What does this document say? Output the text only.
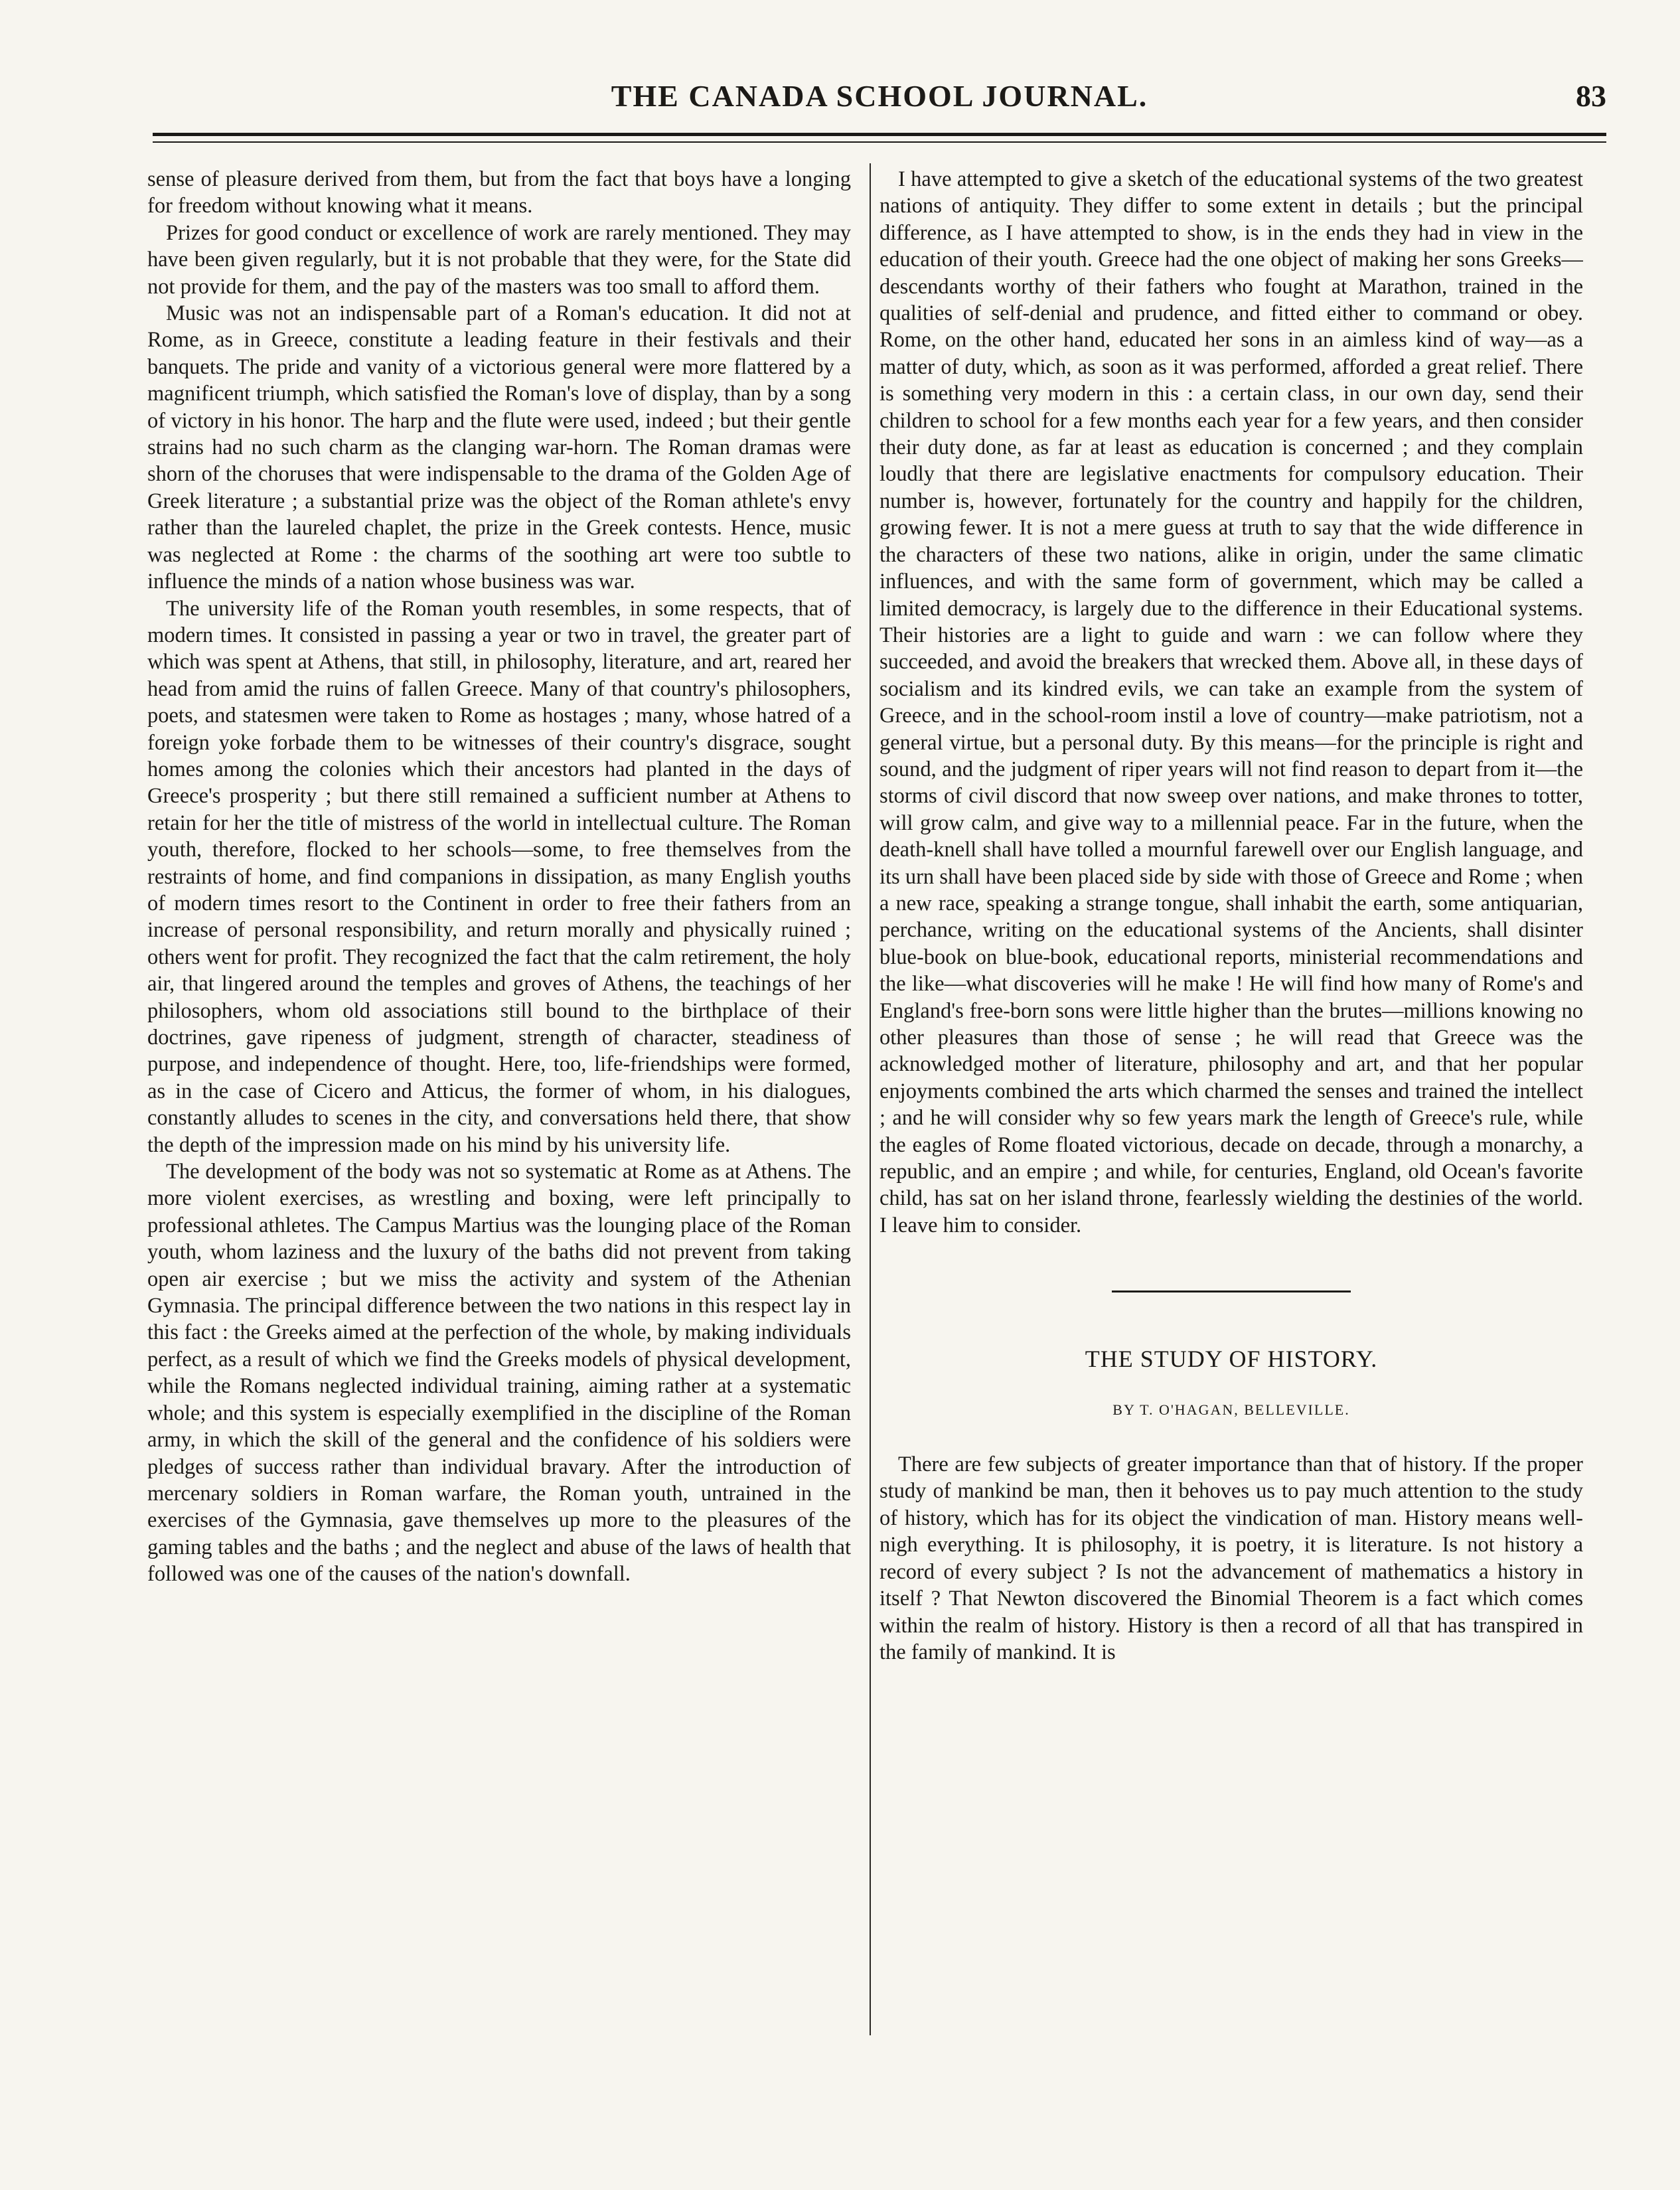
THE CANADA SCHOOL JOURNAL.	83

sense of pleasure derived from them, but from the fact that boys have a longing for freedom without knowing what it means.

Prizes for good conduct or excellence of work are rarely mentioned. They may have been given regularly, but it is not probable that they were, for the State did not provide for them, and the pay of the masters was too small to afford them.

Music was not an indispensable part of a Roman's education. It did not at Rome, as in Greece, constitute a leading feature in their festivals and their banquets. The pride and vanity of a victorious general were more flattered by a magnificent triumph, which satisfied the Roman's love of display, than by a song of victory in his honor. The harp and the flute were used, indeed ; but their gentle strains had no such charm as the clanging war-horn. The Roman dramas were shorn of the choruses that were indispensable to the drama of the Golden Age of Greek literature ; a substantial prize was the object of the Roman athlete's envy rather than the laureled chaplet, the prize in the Greek contests. Hence, music was neglected at Rome : the charms of the soothing art were too subtle to influence the minds of a nation whose business was war.

The university life of the Roman youth resembles, in some respects, that of modern times. It consisted in passing a year or two in travel, the greater part of which was spent at Athens, that still, in philosophy, literature, and art, reared her head from amid the ruins of fallen Greece. Many of that country's philosophers, poets, and statesmen were taken to Rome as hostages ; many, whose hatred of a foreign yoke forbade them to be witnesses of their country's disgrace, sought homes among the colonies which their ancestors had planted in the days of Greece's prosperity ; but there still remained a sufficient number at Athens to retain for her the title of mistress of the world in intellectual culture. The Roman youth, therefore, flocked to her schools—some, to free themselves from the restraints of home, and find companions in dissipation, as many English youths of modern times resort to the Continent in order to free their fathers from an increase of personal responsibility, and return morally and physically ruined ; others went for profit. They recognized the fact that the calm retirement, the holy air, that lingered around the temples and groves of Athens, the teachings of her philosophers, whom old associations still bound to the birthplace of their doctrines, gave ripeness of judgment, strength of character, steadiness of purpose, and independence of thought. Here, too, life-friendships were formed, as in the case of Cicero and Atticus, the former of whom, in his dialogues, constantly alludes to scenes in the city, and conversations held there, that show the depth of the impression made on his mind by his university life.

The development of the body was not so systematic at Rome as at Athens. The more violent exercises, as wrestling and boxing, were left principally to professional athletes. The Campus Martius was the lounging place of the Roman youth, whom laziness and the luxury of the baths did not prevent from taking open air exercise ; but we miss the activity and system of the Athenian Gymnasia. The principal difference between the two nations in this respect lay in this fact : the Greeks aimed at the perfection of the whole, by making individuals perfect, as a result of which we find the Greeks models of physical development, while the Romans neglected individual training, aiming rather at a systematic whole; and this system is especially exemplified in the discipline of the Roman army, in which the skill of the general and the confidence of his soldiers were pledges of success rather than individual bravary. After the introduction of mercenary soldiers in Roman warfare, the Roman youth, untrained in the exercises of the Gymnasia, gave themselves up more to the pleasures of the gaming tables and the baths ; and the neglect and abuse of the laws of health that followed was one of the causes of the nation's downfall.

I have attempted to give a sketch of the educational systems of the two greatest nations of antiquity. They differ to some extent in details ; but the principal difference, as I have attempted to show, is in the ends they had in view in the education of their youth. Greece had the one object of making her sons Greeks—descendants worthy of their fathers who fought at Marathon, trained in the qualities of self-denial and prudence, and fitted either to command or obey. Rome, on the other hand, educated her sons in an aimless kind of way—as a matter of duty, which, as soon as it was performed, afforded a great relief. There is something very modern in this : a certain class, in our own day, send their children to school for a few months each year for a few years, and then consider their duty done, as far at least as education is concerned ; and they complain loudly that there are legislative enactments for compulsory education. Their number is, however, fortunately for the country and happily for the children, growing fewer. It is not a mere guess at truth to say that the wide difference in the characters of these two nations, alike in origin, under the same climatic influences, and with the same form of government, which may be called a limited democracy, is largely due to the difference in their Educational systems. Their histories are a light to guide and warn : we can follow where they succeeded, and avoid the breakers that wrecked them. Above all, in these days of socialism and its kindred evils, we can take an example from the system of Greece, and in the school-room instil a love of country—make patriotism, not a general virtue, but a personal duty. By this means—for the principle is right and sound, and the judgment of riper years will not find reason to depart from it—the storms of civil discord that now sweep over nations, and make thrones to totter, will grow calm, and give way to a millennial peace. Far in the future, when the death-knell shall have tolled a mournful farewell over our English language, and its urn shall have been placed side by side with those of Greece and Rome ; when a new race, speaking a strange tongue, shall inhabit the earth, some antiquarian, perchance, writing on the educational systems of the Ancients, shall disinter blue-book on blue-book, educational reports, ministerial recommendations and the like—what discoveries will he make ! He will find how many of Rome's and England's free-born sons were little higher than the brutes—millions knowing no other pleasures than those of sense ; he will read that Greece was the acknowledged mother of literature, philosophy and art, and that her popular enjoyments combined the arts which charmed the senses and trained the intellect ; and he will consider why so few years mark the length of Greece's rule, while the eagles of Rome floated victorious, decade on decade, through a monarchy, a republic, and an empire ; and while, for centuries, England, old Ocean's favorite child, has sat on her island throne, fearlessly wielding the destinies of the world. I leave him to consider.

THE STUDY OF HISTORY.
BY T. O'HAGAN, BELLEVILLE.

There are few subjects of greater importance than that of history. If the proper study of mankind be man, then it behoves us to pay much attention to the study of history, which has for its object the vindication of man. History means well-nigh everything. It is philosophy, it is poetry, it is literature. Is not history a record of every subject ? Is not the advancement of mathematics a history in itself ? That Newton discovered the Binomial Theorem is a fact which comes within the realm of history. History is then a record of all that has transpired in the family of mankind. It is
